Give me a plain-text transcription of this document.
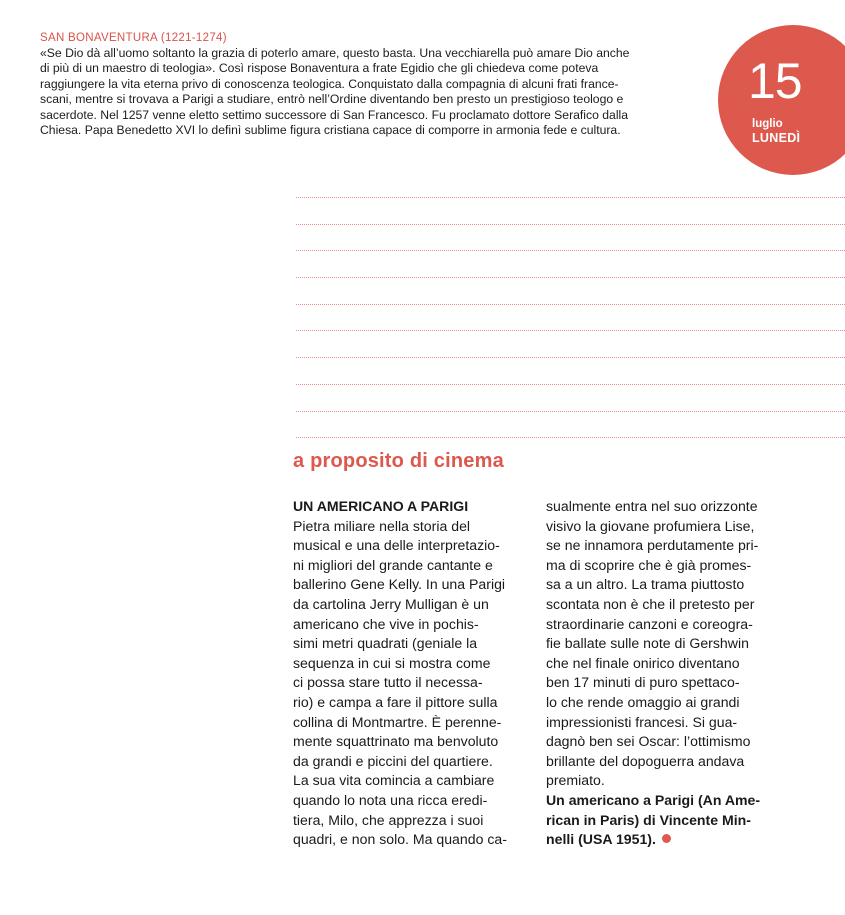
SAN BONAVENTURA (1221-1274)

«Se Dio dà all’uomo soltanto la grazia di poterlo amare, questo basta. Una vecchiarella può amare Dio anche
di più di un maestro di teologia». Così rispose Bonaventura a frate Egidio che gli chiedeva come poteva
raggiungere la vita eterna privo di conoscenza teologica. Conquistato dalla compagnia di alcuni frati france-
scani, mentre si trovava a Parigi a studiare, entrò nell’Ordine diventando ben presto un prestigioso teologo e
sacerdote. Nel 1257 venne eletto settimo successore di San Francesco. Fu proclamato dottore Serafico dalla
Chiesa. Papa Benedetto XVI lo definì sublime figura cristiana capace di comporre in armonia fede e cultura.

15
luglio
LUNEDÌ
a proposito di cinema
UN AMERICANO A PARIGI
Pietra miliare nella storia del
musical e una delle interpretazio-
ni migliori del grande cantante e
ballerino Gene Kelly. In una Parigi
da cartolina Jerry Mulligan è un
americano che vive in pochis-
simi metri quadrati (geniale la
sequenza in cui si mostra come
ci possa stare tutto il necessa-
rio) e campa a fare il pittore sulla
collina di Montmartre. È perenne-
mente squattrinato ma benvoluto
da grandi e piccini del quartiere.
La sua vita comincia a cambiare
quando lo nota una ricca eredi-
tiera, Milo, che apprezza i suoi
quadri, e non solo. Ma quando ca-
sualmente entra nel suo orizzonte
visivo la giovane profumiera Lise,
se ne innamora perdutamente pri-
ma di scoprire che è già promes-
sa a un altro. La trama piuttosto
scontata non è che il pretesto per
straordinarie canzoni e coreogra-
fie ballate sulle note di Gershwin
che nel finale onirico diventano
ben 17 minuti di puro spettaco-
lo che rende omaggio ai grandi
impressionisti francesi. Si gua-
dagnò ben sei Oscar: l’ottimismo
brillante del dopoguerra andava
premiato.
Un americano a Parigi (An Ame-
rican in Paris) di Vincente Min-
nelli (USA 1951).
